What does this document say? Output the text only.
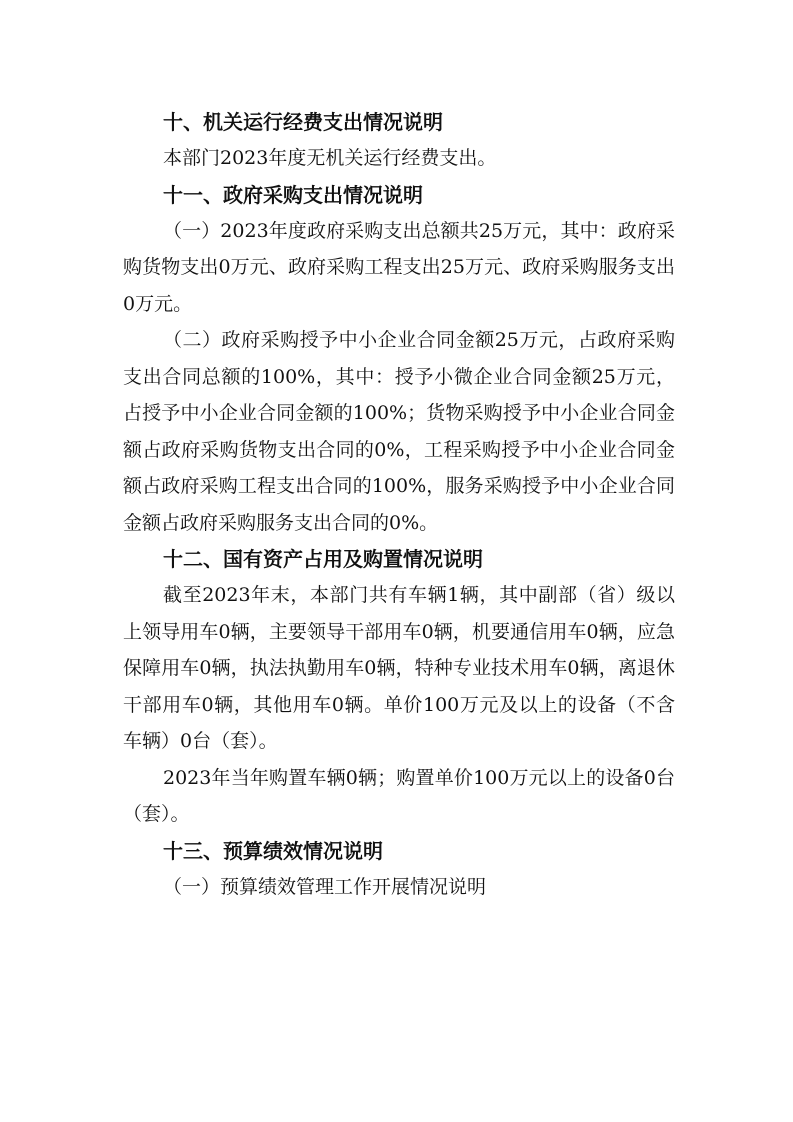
十、机关运行经费支出情况说明

本部门2023年度无机关运行经费支出。

十一、政府采购支出情况说明

（一）2023年度政府采购支出总额共25万元，其中：政府采购货物支出0万元、政府采购工程支出25万元、政府采购服务支出0万元。

（二）政府采购授予中小企业合同金额25万元，占政府采购支出合同总额的100%，其中：授予小微企业合同金额25万元，占授予中小企业合同金额的100%；货物采购授予中小企业合同金额占政府采购货物支出合同的0%，工程采购授予中小企业合同金额占政府采购工程支出合同的100%，服务采购授予中小企业合同金额占政府采购服务支出合同的0%。

十二、国有资产占用及购置情况说明

截至2023年末，本部门共有车辆1辆，其中副部（省）级以上领导用车0辆，主要领导干部用车0辆，机要通信用车0辆，应急保障用车0辆，执法执勤用车0辆，特种专业技术用车0辆，离退休干部用车0辆，其他用车0辆。单价100万元及以上的设备（不含车辆）0台（套）。

2023年当年购置车辆0辆；购置单价100万元以上的设备0台（套）。

十三、预算绩效情况说明

（一）预算绩效管理工作开展情况说明
